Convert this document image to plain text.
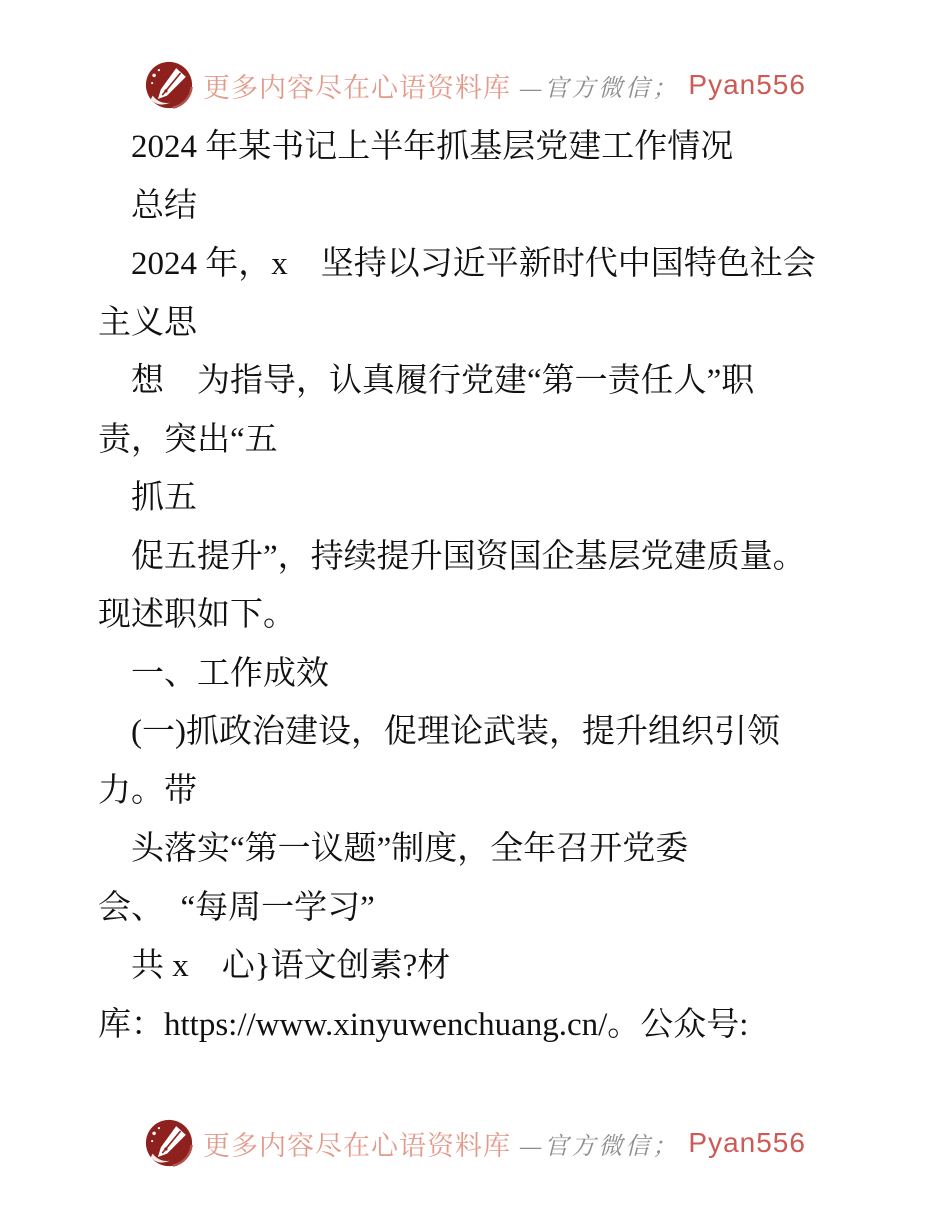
更多内容尽在心语资料库 —官方微信； Pyan556
2024 年某书记上半年抓基层党建工作情况
总结
2024 年，x　坚持以习近平新时代中国特色社会
主义思
想　为指导，认真履行党建“第一责任人”职
责，突出“五
抓五
促五提升”，持续提升国资国企基层党建质量。
现述职如下。
一、工作成效
(一)抓政治建设，促理论武装，提升组织引领
力。带
头落实“第一议题”制度，全年召开党委
会、　“每周一学习”
共 x　心}语文创素?材
库：https://www.xinyuwenchuang.cn/。公众号:
更多内容尽在心语资料库 —官方微信； Pyan556
